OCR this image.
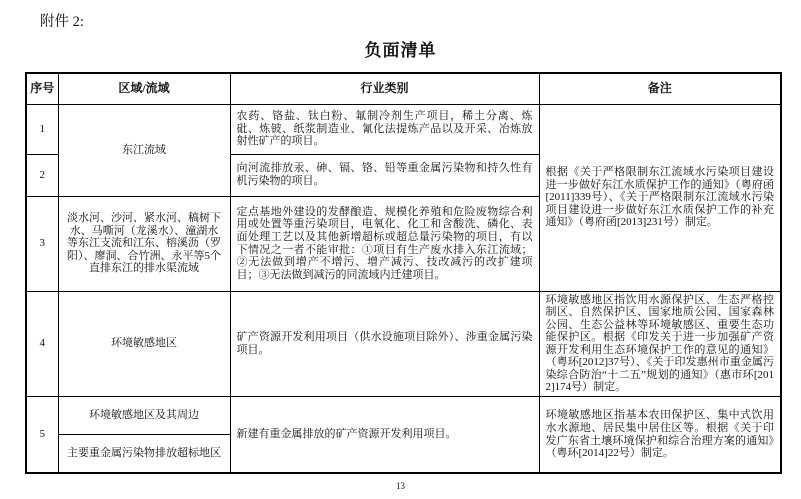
附件 2:
负面清单
序号	区域/流域	行业类别	备注
1	东江流域	农药、铬盐、钛白粉、氟制冷剂生产项目，稀土分离、炼砒、炼铍、纸浆制造业、氰化法提炼产品以及开采、冶炼放射性矿产的项目。	根据《关于严格限制东江流域水污染项目建设进一步做好东江水质保护工作的通知》（粤府函[2011]339号）、《关于严格限制东江流域水污染项目建设进一步做好东江水质保护工作的补充通知》（粤府函[2013]231号）制定。
2		向河流排放汞、砷、镉、铬、铅等重金属污染物和持久性有机污染物的项目。	
3	淡水河、沙河、紧水河、稿树下水、马嘶河（龙溪水）、潼湖水等东江支流和江东、榕溪沥（罗阳）、廖洞、合竹洲、永平等5个直排东江的排水渠流域	定点基地外建设的发酵酿造、规模化养殖和危险废物综合利用或处置等重污染项目，电氧化、化工和含酸洗、磷化、表面处理工艺以及其他新增超标或超总量污染物的项目，有以下情况之一者不能审批：①项目有生产废水排入东江流域；②无法做到增产不增污、增产减污、技改减污的改扩建项目；③无法做到减污的同流域内迁建项目。	
4	环境敏感地区	矿产资源开发利用项目（供水设施项目除外）、涉重金属污染项目。	环境敏感地区指饮用水源保护区、生态严格控制区、自然保护区、国家地质公园、国家森林公园、生态公益林等环境敏感区、重要生态功能保护区。根据《印发关于进一步加强矿产资源开发利用生态环境保护工作的意见的通知》（粤环[2012]37号）、《关于印发惠州市重金属污染综合防治“十二五”规划的通知》（惠市环[2012]174号）制定。
5	环境敏感地区及其周边	新建有重金属排放的矿产资源开发利用项目。	环境敏感地区指基本农田保护区、集中式饮用水水源地、居民集中居住区等。根据《关于印发广东省土壤环境保护和综合治理方案的通知》（粤环[2014]22号）制定。
	主要重金属污染物排放超标地区		
13
